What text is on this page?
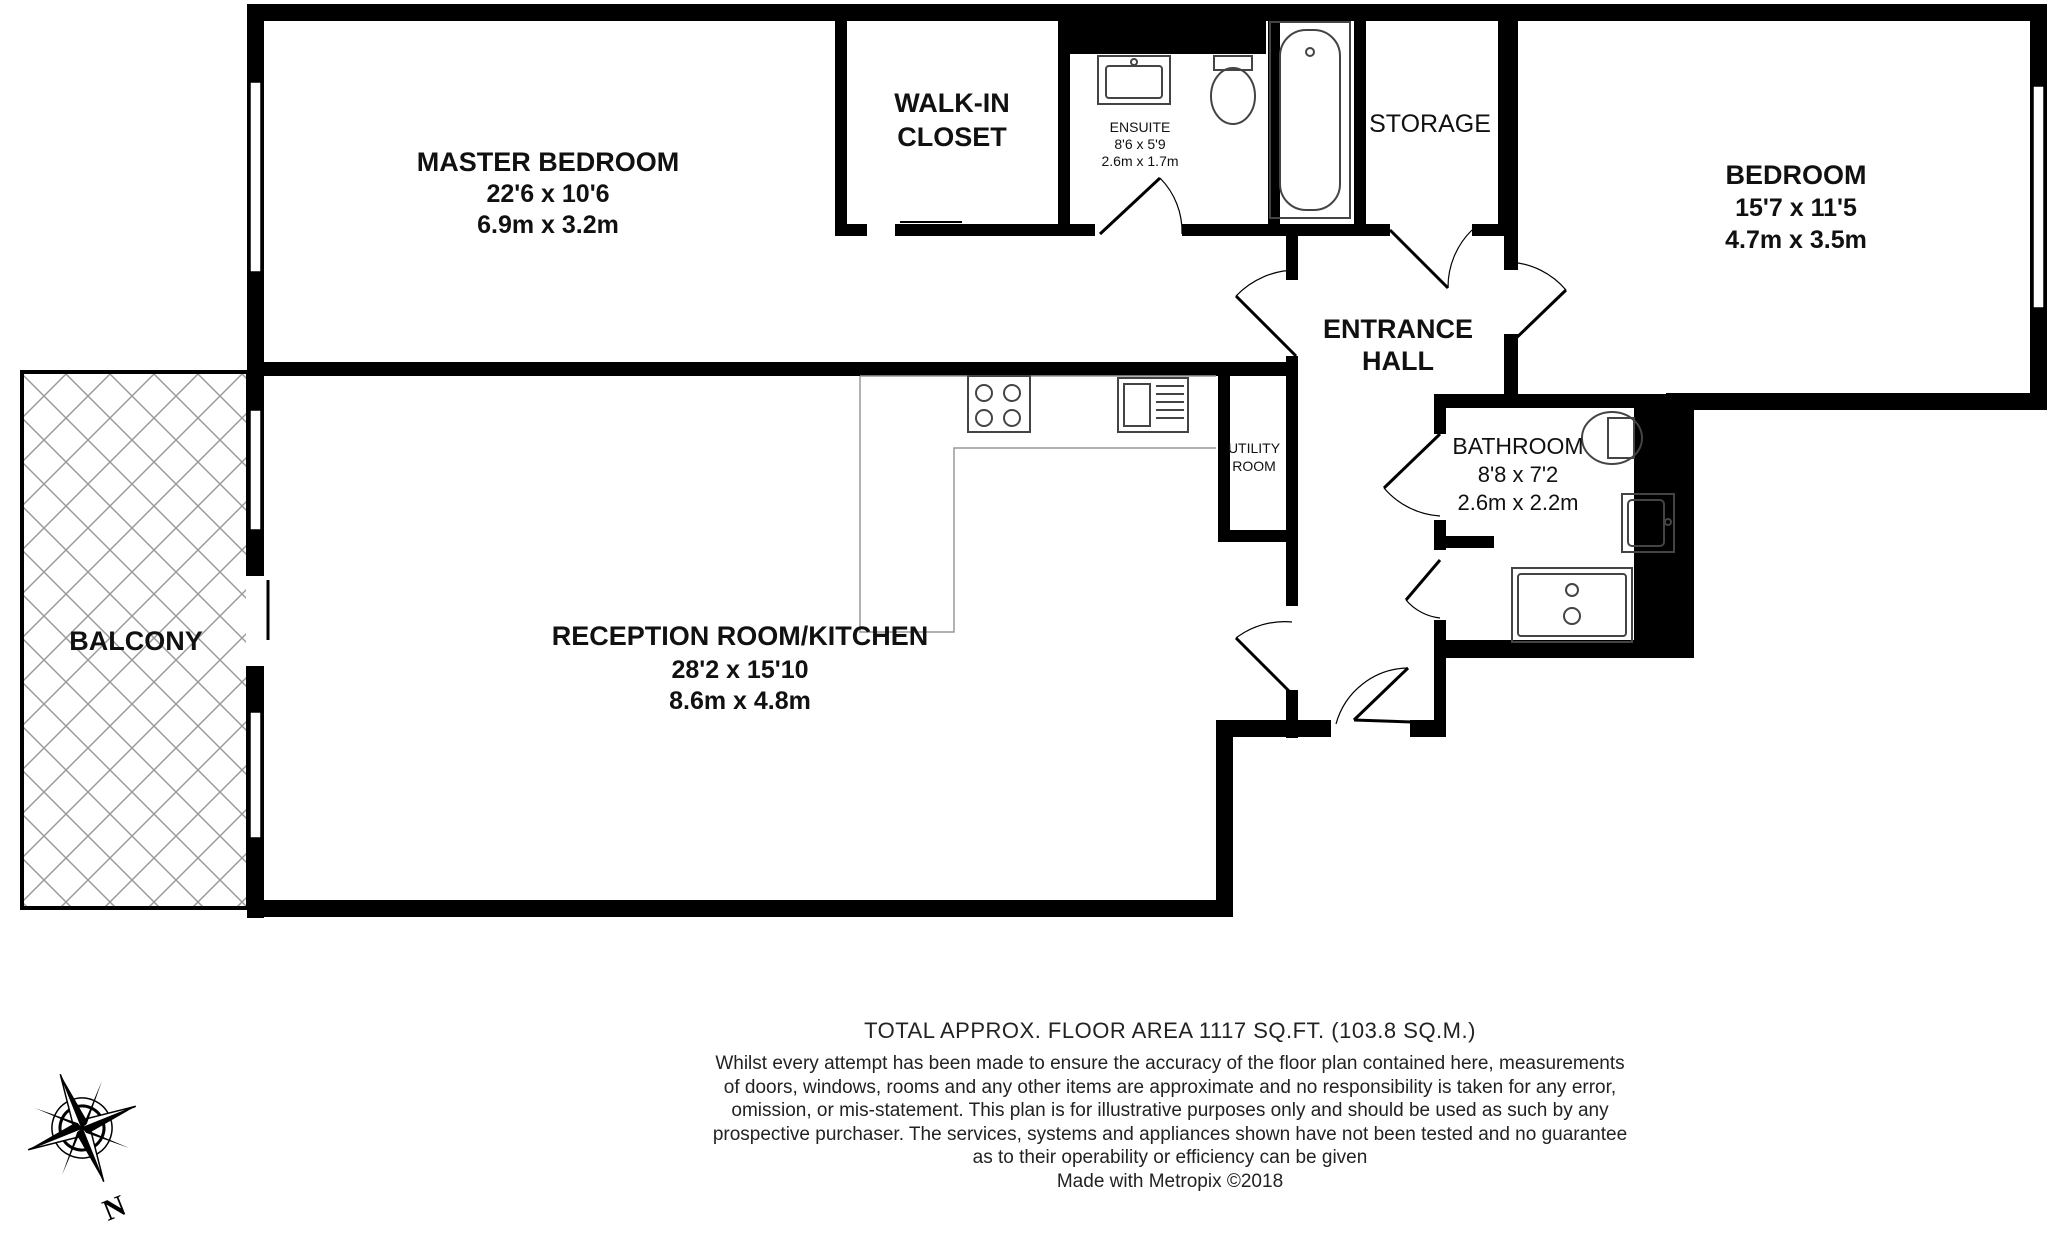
MASTER BEDROOM
22'6 x 10'6
6.9m x 3.2m
WALK-IN
CLOSET	ENSUITE
8'6 x 5'9
2.6m x 1.7m
STORAGE
BEDROOM
15'7 x 11'5
4.7m x 3.5m
ENTRANCE
HALL
UTILITY
ROOM
BATHROOM
8'8 x 7'2
2.6m x 2.2m
BALCONY	RECEPTION ROOM/KITCHEN
28'2 x 15'10
8.6m x 4.8m
N
TOTAL APPROX. FLOOR AREA 1117 SQ.FT. (103.8 SQ.M.)
Whilst every attempt has been made to ensure the accuracy of the floor plan contained here, measurements
of doors, windows, rooms and any other items are approximate and no responsibility is taken for any error,
omission, or mis-statement. This plan is for illustrative purposes only and should be used as such by any
prospective purchaser. The services, systems and appliances shown have not been tested and no guarantee
as to their operability or efficiency can be given
Made with Metropix ©2018
